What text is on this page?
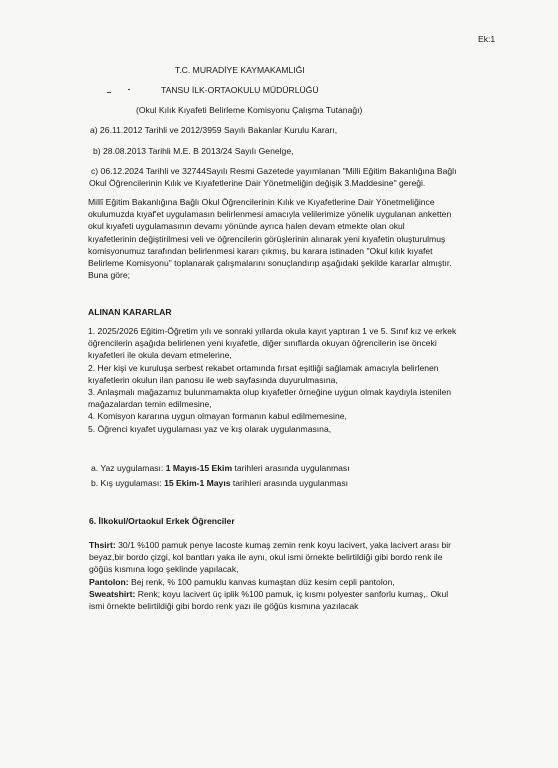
Ek:1
T.C. MURADİYE KAYMAKAMLIĞI
TANSU İLK-ORTAOKULU MÜDÜRLÜĞÜ
(Okul Kılık Kıyafeti Belirleme Komisyonu Çalışma Tutanağı)
a) 26.11.2012 Tarihli ve 2012/3959 Sayılı Bakanlar Kurulu Kararı,
b) 28.08.2013 Tarihli M.E. B 2013/24 Sayılı Genelge,
c) 06.12.2024 Tarihli ve 32744Sayılı Resmi Gazetede yayımlanan "Milli Eğitim Bakanlığına Bağlı
Okul Öğrencilerinin Kılık ve Kıyafetlerine Dair Yönetmeliğin değişik 3.Maddesine" gereği.
Millî Eğitim Bakanlığına Bağlı Okul Öğrencilerinin Kılık ve Kıyafetlerine Dair Yönetmeliğince
okulumuzda kıyaf'et uygulamasın belirlenmesi amacıyla velilerimize yönelik uygulanan anketten
okul kıyafeti uygulamasının devamı yönünde ayrıca halen devam etmekte olan okul
kıyafetlerinin değiştirilmesi veli ve öğrencilerin görüşlerinin alınarak yeni kıyafetin oluşturulmuş
komisyonumuz tarafından belirlenmesi kararı çıkmış, bu karara istinaden "Okul kılık kıyafet
Belirleme Komisyonu" toplanarak çalışmalarını sonuçlandırıp aşağıdaki şekilde kararlar almıştır.
Buna göre;
ALINAN KARARLAR
1. 2025/2026 Eğitim-Öğretim yılı ve sonraki yıllarda okula kayıt yaptıran 1 ve 5. Sınıf kız ve erkek
öğrencilerin aşağıda belirlenen yeni kıyafetle, diğer sınıflarda okuyan öğrencilerin ise önceki
kıyafetleri ile okula devam etmelerine,
2. Her kişi ve kuruluşa serbest rekabet ortamında fırsat eşitliği sağlamak amacıyla belirlenen
kıyafetlerin okulun ilan panosu ile web sayfasında duyurulmasına,
3. Anlaşmalı mağazamız bulunmamakta olup kıyafetler örneğine uygun olmak kaydıyla istenilen
mağazalardan temin edilmesine,
4. Komisyon kararına uygun olmayan formanın kabul edilmemesine,
5. Öğrenci kıyafet uygulaması yaz ve kış olarak uygulanmasına,
a. Yaz uygulaması: 1 Mayıs-15 Ekim tarihleri arasında uygulanması
b. Kış uygulaması: 15 Ekim-1 Mayıs tarihleri arasında uygulanması
6. İlkokul/Ortaokul Erkek Öğrenciler
Thsirt: 30/1 %100 pamuk penye lacoste kumaş zemin renk koyu lacivert, yaka lacivert arası bir
beyaz,bir bordo çizgi, kol bantları yaka ile aynı, okul ismi örnekte belirtildiği gibi bordo renk ile
göğüs kısmına logo şeklinde yapılacak,
Pantolon: Bej renk, % 100 pamuklu kanvas kumaştan düz kesim cepli pantolon,
Sweatshirt: Renk; koyu lacivert üç iplik %100 pamuk, iç kısmı polyester sanforlu kumaş,. Okul
ismi örnekte belirtildiği gibi bordo renk yazı ile göğüs kısmına yazılacak
